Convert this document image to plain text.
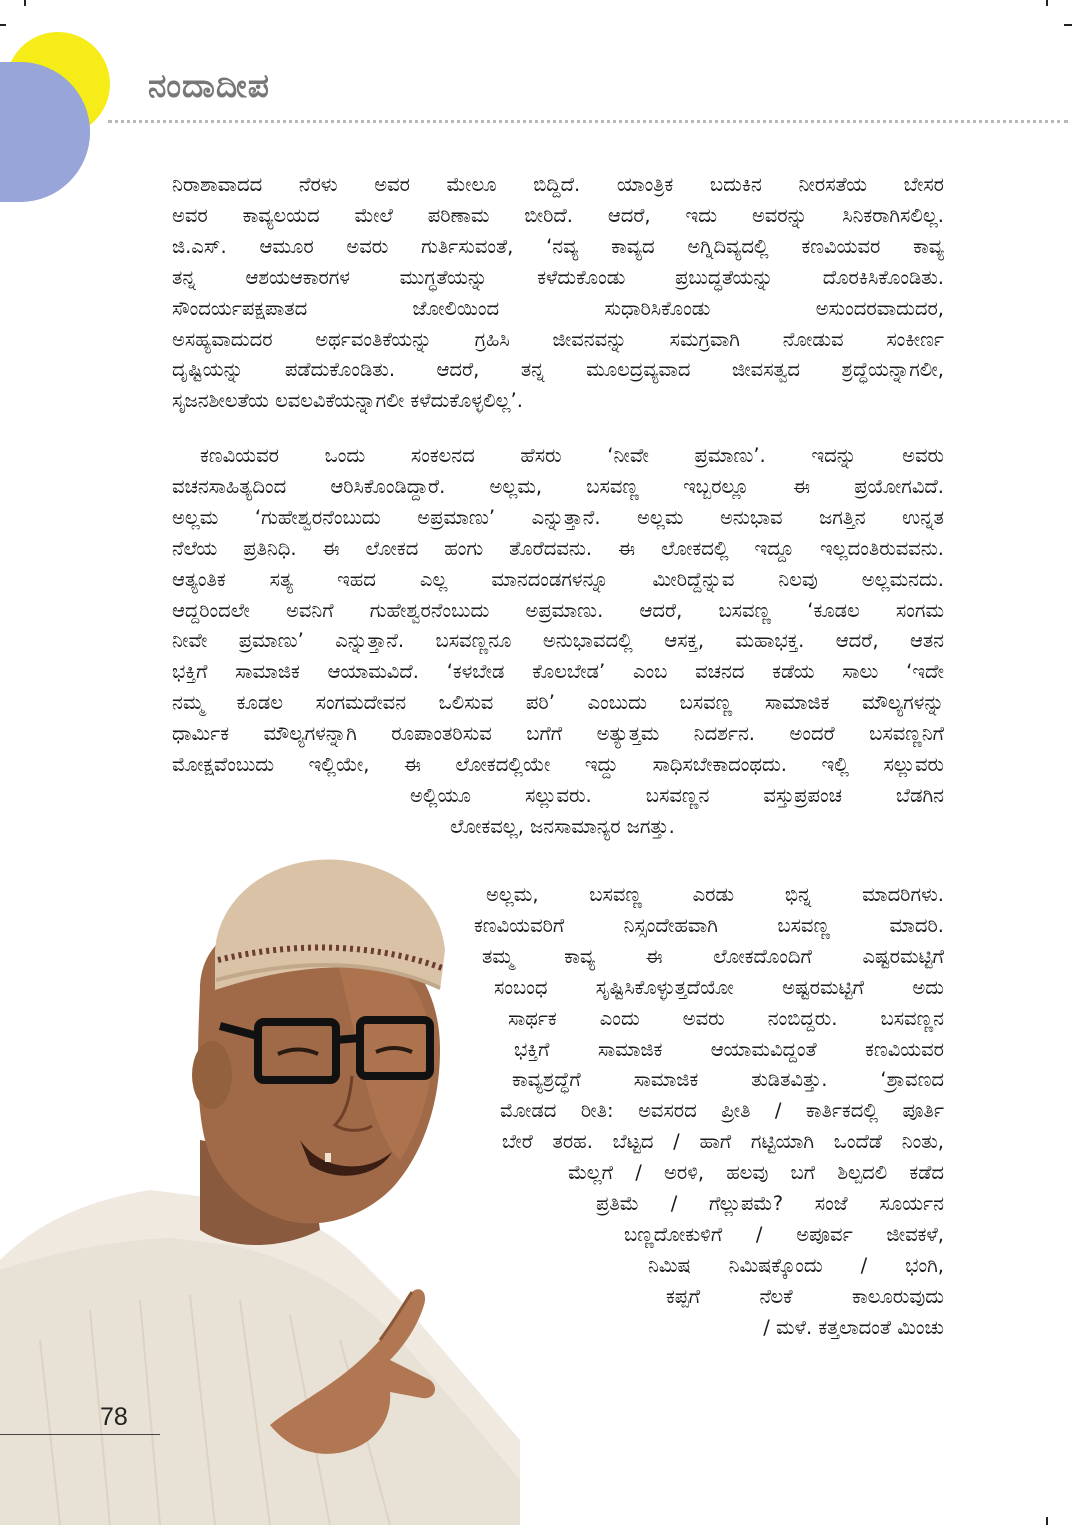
ನಂದಾದೀಪ
ನಿರಾಶಾವಾದದ ನೆರಳು ಅವರ ಮೇಲೂ ಬಿದ್ದಿದೆ. ಯಾಂತ್ರಿಕ ಬದುಕಿನ ನೀರಸತೆಯ ಬೇಸರ
ಅವರ ಕಾವ್ಯಲಯದ ಮೇಲೆ ಪರಿಣಾಮ ಬೀರಿದೆ. ಆದರೆ, ಇದು ಅವರನ್ನು ಸಿನಿಕರಾಗಿಸಲಿಲ್ಲ.
ಜಿ.ಎಸ್. ಆಮೂರ ಅವರು ಗುರ್ತಿಸುವಂತೆ, ‘ನವ್ಯ ಕಾವ್ಯದ ಅಗ್ನಿದಿವ್ಯದಲ್ಲಿ ಕಣವಿಯವರ ಕಾವ್ಯ
ತನ್ನ ಆಶಯಆಕಾರಗಳ ಮುಗ್ಧತೆಯನ್ನು ಕಳೆದುಕೊಂಡು ಪ್ರಬುದ್ಧತೆಯನ್ನು ದೊರಕಿಸಿಕೊಂಡಿತು.
ಸೌಂದರ್ಯಪಕ್ಷಪಾತದ ಜೋಲಿಯಿಂದ ಸುಧಾರಿಸಿಕೊಂಡು ಅಸುಂದರವಾದುದರ,
ಅಸಹ್ಯವಾದುದರ ಅರ್ಥವಂತಿಕೆಯನ್ನು ಗ್ರಹಿಸಿ ಜೀವನವನ್ನು ಸಮಗ್ರವಾಗಿ ನೋಡುವ ಸಂಕೀರ್ಣ
ದೃಷ್ಟಿಯನ್ನು ಪಡೆದುಕೊಂಡಿತು. ಆದರೆ, ತನ್ನ ಮೂಲದ್ರವ್ಯವಾದ ಜೀವಸತ್ವದ ಶ್ರದ್ಧೆಯನ್ನಾಗಲೀ,
ಸೃಜನಶೀಲತೆಯ ಲವಲವಿಕೆಯನ್ನಾಗಲೀ ಕಳೆದುಕೊಳ್ಳಲಿಲ್ಲ’.
ಕಣವಿಯವರ ಒಂದು ಸಂಕಲನದ ಹೆಸರು ‘ನೀವೇ ಪ್ರಮಾಣು’. ಇದನ್ನು ಅವರು
ವಚನಸಾಹಿತ್ಯದಿಂದ ಆರಿಸಿಕೊಂಡಿದ್ದಾರೆ. ಅಲ್ಲಮ, ಬಸವಣ್ಣ ಇಬ್ಬರಲ್ಲೂ ಈ ಪ್ರಯೋಗವಿದೆ.
ಅಲ್ಲಮ ‘ಗುಹೇಶ್ವರನೆಂಬುದು ಅಪ್ರಮಾಣು’ ಎನ್ನುತ್ತಾನೆ. ಅಲ್ಲಮ ಅನುಭಾವ ಜಗತ್ತಿನ ಉನ್ನತ
ನೆಲೆಯ ಪ್ರತಿನಿಧಿ. ಈ ಲೋಕದ ಹಂಗು ತೊರೆದವನು. ಈ ಲೋಕದಲ್ಲಿ ಇದ್ದೂ ಇಲ್ಲದಂತಿರುವವನು.
ಆತ್ಯಂತಿಕ ಸತ್ಯ ಇಹದ ಎಲ್ಲ ಮಾನದಂಡಗಳನ್ನೂ ಮೀರಿದ್ದೆನ್ನುವ ನಿಲವು ಅಲ್ಲಮನದು.
ಆದ್ದರಿಂದಲೇ ಅವನಿಗೆ ಗುಹೇಶ್ವರನೆಂಬುದು ಅಪ್ರಮಾಣು. ಆದರೆ, ಬಸವಣ್ಣ ‘ಕೂಡಲ ಸಂಗಮ
ನೀವೇ ಪ್ರಮಾಣು’ ಎನ್ನುತ್ತಾನೆ. ಬಸವಣ್ಣನೂ ಅನುಭಾವದಲ್ಲಿ ಆಸಕ್ತ, ಮಹಾಭಕ್ತ. ಆದರೆ, ಆತನ
ಭಕ್ತಿಗೆ ಸಾಮಾಜಿಕ ಆಯಾಮವಿದೆ. ‘ಕಳಬೇಡ ಕೊಲಬೇಡ’ ಎಂಬ ವಚನದ ಕಡೆಯ ಸಾಲು ‘ಇದೇ
ನಮ್ಮ ಕೂಡಲ ಸಂಗಮದೇವನ ಒಲಿಸುವ ಪರಿ’ ಎಂಬುದು ಬಸವಣ್ಣ ಸಾಮಾಜಿಕ ಮೌಲ್ಯಗಳನ್ನು
ಧಾರ್ಮಿಕ ಮೌಲ್ಯಗಳನ್ನಾಗಿ ರೂಪಾಂತರಿಸುವ ಬಗೆಗೆ ಅತ್ಯುತ್ತಮ ನಿದರ್ಶನ. ಅಂದರೆ ಬಸವಣ್ಣನಿಗೆ
ಮೋಕ್ಷವೆಂಬುದು ಇಲ್ಲಿಯೇ, ಈ ಲೋಕದಲ್ಲಿಯೇ ಇದ್ದು ಸಾಧಿಸಬೇಕಾದಂಥದು. ಇಲ್ಲಿ ಸಲ್ಲುವರು
ಅಲ್ಲಿಯೂ ಸಲ್ಲುವರು. ಬಸವಣ್ಣನ ವಸ್ತುಪ್ರಪಂಚ ಬೆಡಗಿನ
ಲೋಕವಲ್ಲ, ಜನಸಾಮಾನ್ಯರ ಜಗತ್ತು.
ಅಲ್ಲಮ, ಬಸವಣ್ಣ ಎರಡು ಭಿನ್ನ ಮಾದರಿಗಳು.
ಕಣವಿಯವರಿಗೆ ನಿಸ್ಸಂದೇಹವಾಗಿ ಬಸವಣ್ಣ ಮಾದರಿ.
ತಮ್ಮ ಕಾವ್ಯ ಈ ಲೋಕದೊಂದಿಗೆ ಎಷ್ಟರಮಟ್ಟಿಗೆ
ಸಂಬಂಧ ಸೃಷ್ಟಿಸಿಕೊಳ್ಳುತ್ತದೆಯೋ ಅಷ್ಟರಮಟ್ಟಿಗೆ ಅದು
ಸಾರ್ಥಕ ಎಂದು ಅವರು ನಂಬಿದ್ದರು. ಬಸವಣ್ಣನ
ಭಕ್ತಿಗೆ ಸಾಮಾಜಿಕ ಆಯಾಮವಿದ್ದಂತೆ ಕಣವಿಯವರ
ಕಾವ್ಯಶ್ರದ್ಧೆಗೆ ಸಾಮಾಜಿಕ ತುಡಿತವಿತ್ತು. ‘ಶ್ರಾವಣದ
ಮೋಡದ ರೀತಿ: ಅವಸರದ ಪ್ರೀತಿ / ಕಾರ್ತಿಕದಲ್ಲಿ ಪೂರ್ತಿ
ಬೇರೆ ತರಹ. ಬೆಟ್ಟದ / ಹಾಗೆ ಗಟ್ಟಿಯಾಗಿ ಒಂದೆಡೆ ನಿಂತು,
ಮೆಲ್ಲಗೆ / ಅರಳಿ, ಹಲವು ಬಗೆ ಶಿಲ್ಪದಲಿ ಕಡೆದ
ಪ್ರತಿಮೆ / ಗೆಲ್ಲುಪಮೆ? ಸಂಜೆ ಸೂರ್ಯನ
ಬಣ್ಣದೋಕುಳಿಗೆ / ಅಪೂರ್ವ ಜೀವಕಳೆ,
ನಿಮಿಷ ನಿಮಿಷಕ್ಕೊಂದು / ಭಂಗಿ,
ಕಪ್ಪಗೆ ನೆಲಕೆ ಕಾಲೂರುವುದು
/ ಮಳೆ. ಕತ್ತಲಾದಂತೆ ಮಿಂಚು
78
